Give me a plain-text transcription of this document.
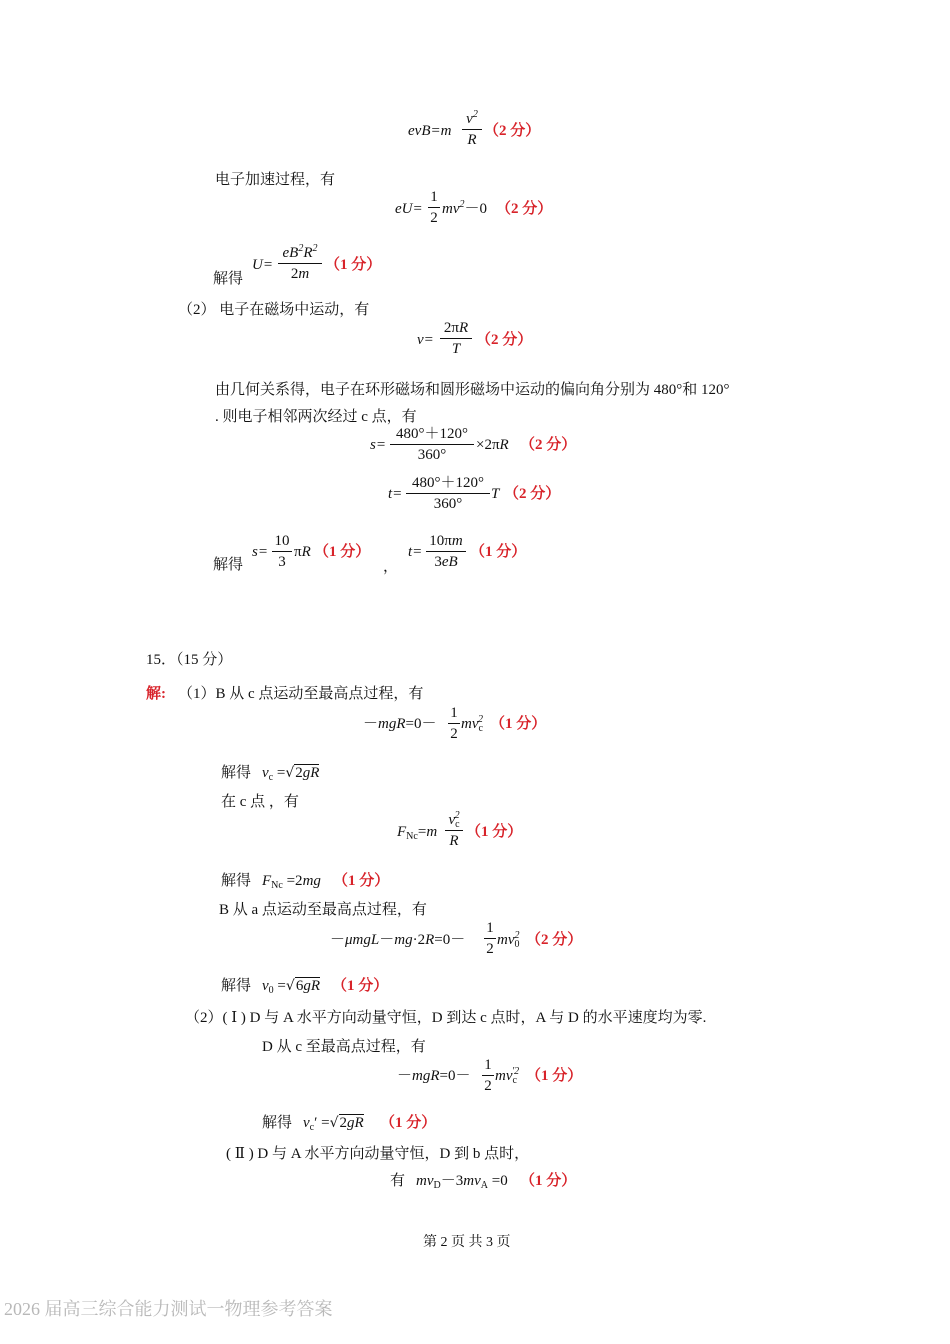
evB=m
$v^2$
R
（2 分）
电子加速过程，有
eU=
1
2
$mv^2-0$ （2 分）
解得
U=
$eB^2R^2$
2m
（1 分）
（2） 电子在磁场中运动，有
v=
2πR
T
（2 分）
由几何关系得，电子在环形磁场和圆形磁场中运动的偏向角分别为 480°和 120°
. 则电子相邻两次经过 c 点，有
s=
480°＋120°
360°
×2πR （2 分）
t=
480°＋120°
360°
T （2 分）
解得
s=
10
3
πR （1 分）
，
t=
10πm
3eB
（1 分）
15．（15 分）
解: （1）B 从 c 点运动至最高点过程，有
－mgR=0－
1
2
$mv_c^2$ （1 分）
解得 $v_c =√2gR$
在 c 点 ，有
$F_{Nc}=m$
$v_c^2$
R
（1 分）
解得 $F_{Nc} =2mg$ （1 分）
B 从 a 点运动至最高点过程，有
－μmgL－mg·2R=0－
1
2
$mv_0^2$ （2 分）
解得 $v_0 =√6gR$ （1 分）
（2）( Ⅰ ) D 与 A 水平方向动量守恒，D 到达 c 点时，A 与 D 的水平速度均为零.
D 从 c 至最高点过程，有
－mgR=0－
1
2
$mv_c^{'2}$ （1 分）
解得 $v_c' =√2gR$ （1 分）
( Ⅱ ) D 与 A 水平方向动量守恒，D 到 b 点时，
有 $mv_D-3mv_A =0$ （1 分）
第 2 页 共 3 页
2026 届高三综合能力测试一物理参考答案
